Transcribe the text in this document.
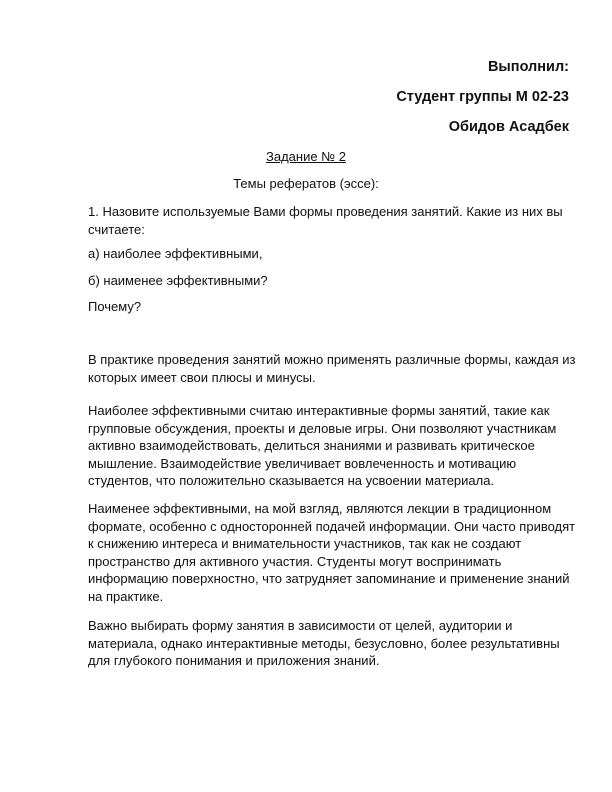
Выполнил:
Студент группы М 02-23
Обидов Асадбек
Задание № 2
Темы рефератов (эссе):

1. Назовите используемые Вами формы проведения занятий. Какие из них вы считаете:

а) наиболее эффективными,

б) наименее эффективными?

Почему?

В практике проведения занятий можно применять различные формы, каждая из которых имеет свои плюсы и минусы.

Наиболее эффективными считаю интерактивные формы занятий, такие как групповые обсуждения, проекты и деловые игры. Они позволяют участникам активно взаимодействовать, делиться знаниями и развивать критическое мышление. Взаимодействие увеличивает вовлеченность и мотивацию студентов, что положительно сказывается на усвоении материала.

Наименее эффективными, на мой взгляд, являются лекции в традиционном формате, особенно с односторонней подачей информации. Они часто приводят к снижению интереса и внимательности участников, так как не создают пространство для активного участия. Студенты могут воспринимать информацию поверхностно, что затрудняет запоминание и применение знаний на практике.

Важно выбирать форму занятия в зависимости от целей, аудитории и материала, однако интерактивные методы, безусловно, более результативны для глубокого понимания и приложения знаний.
